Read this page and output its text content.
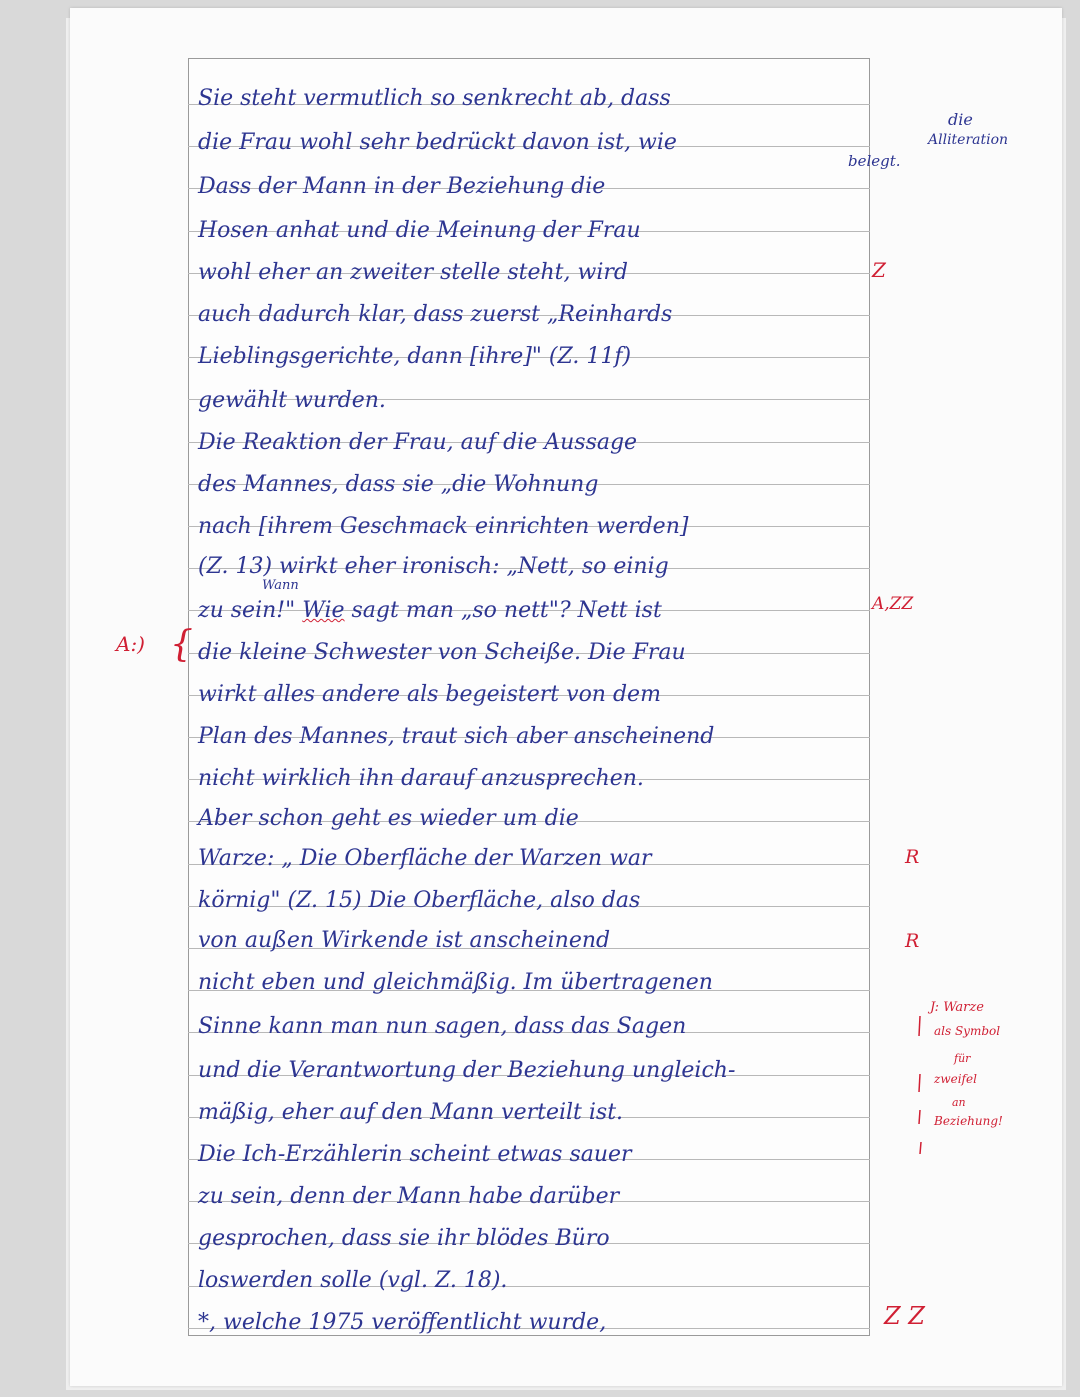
Sie steht vermutlich so senkrecht ab, dass
die Frau wohl sehr bedrückt davon ist, wie
Dass der Mann in der Beziehung die
Hosen anhat und die Meinung der Frau
wohl eher an zweiter stelle steht, wird
auch dadurch klar, dass zuerst „Reinhards
Lieblingsgerichte, dann [ihre]" (Z. 11f)
gewählt wurden.
Die Reaktion der Frau, auf die Aussage
des Mannes, dass sie „die Wohnung
nach [ihrem Geschmack einrichten werden]
(Z. 13) wirkt eher ironisch: „Nett, so einig
zu sein!" Wie sagt man „so nett"? Nett ist
Wann
die kleine Schwester von Scheiße. Die Frau
wirkt alles andere als begeistert von dem
Plan des Mannes, traut sich aber anscheinend
nicht wirklich ihn darauf anzusprechen.
Aber schon geht es wieder um die
Warze: „ Die Oberfläche der Warzen war
körnig" (Z. 15) Die Oberfläche, also das
von außen Wirkende ist anscheinend
nicht eben und gleichmäßig. Im übertragenen
Sinne kann man nun sagen, dass das Sagen
und die Verantwortung der Beziehung ungleich-
mäßig, eher auf den Mann verteilt ist.
Die Ich-Erzählerin scheint etwas sauer
zu sein, denn der Mann habe darüber
gesprochen, dass sie ihr blödes Büro
loswerden solle (vgl. Z. 18).
*, welche 1975 veröffentlicht wurde,
die
Alliteration
belegt.
A:) {
Z
A,ZZ
R
R
J: Warze
als Symbol
für
zweifel
an
Beziehung!
Z Z
